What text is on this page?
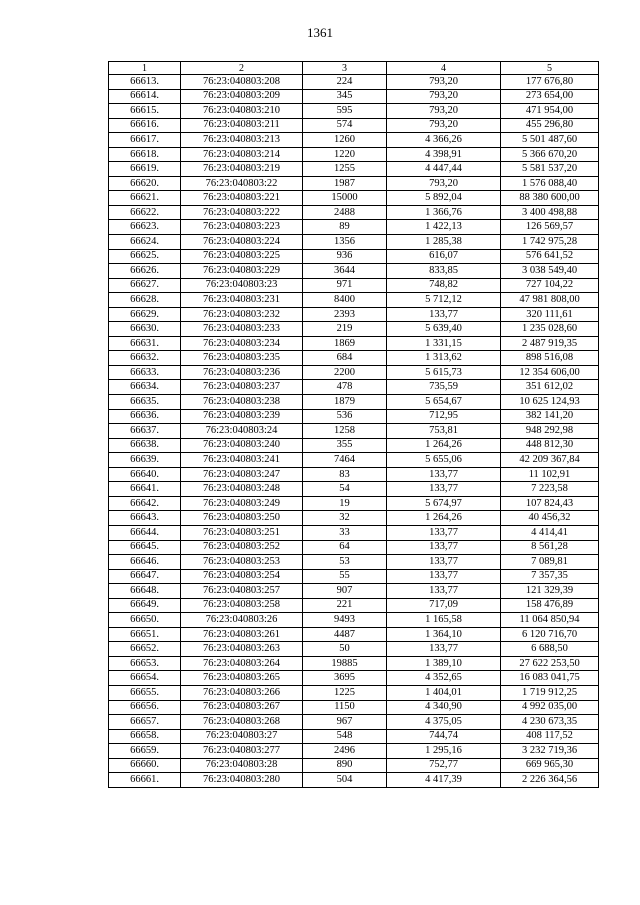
1361
1	2	3	4	5
66613.	76:23:040803:208	224	793,20	177 676,80
66614.	76:23:040803:209	345	793,20	273 654,00
66615.	76:23:040803:210	595	793,20	471 954,00
66616.	76:23:040803:211	574	793,20	455 296,80
66617.	76:23:040803:213	1260	4 366,26	5 501 487,60
66618.	76:23:040803:214	1220	4 398,91	5 366 670,20
66619.	76:23:040803:219	1255	4 447,44	5 581 537,20
66620.	76:23:040803:22	1987	793,20	1 576 088,40
66621.	76:23:040803:221	15000	5 892,04	88 380 600,00
66622.	76:23:040803:222	2488	1 366,76	3 400 498,88
66623.	76:23:040803:223	89	1 422,13	126 569,57
66624.	76:23:040803:224	1356	1 285,38	1 742 975,28
66625.	76:23:040803:225	936	616,07	576 641,52
66626.	76:23:040803:229	3644	833,85	3 038 549,40
66627.	76:23:040803:23	971	748,82	727 104,22
66628.	76:23:040803:231	8400	5 712,12	47 981 808,00
66629.	76:23:040803:232	2393	133,77	320 111,61
66630.	76:23:040803:233	219	5 639,40	1 235 028,60
66631.	76:23:040803:234	1869	1 331,15	2 487 919,35
66632.	76:23:040803:235	684	1 313,62	898 516,08
66633.	76:23:040803:236	2200	5 615,73	12 354 606,00
66634.	76:23:040803:237	478	735,59	351 612,02
66635.	76:23:040803:238	1879	5 654,67	10 625 124,93
66636.	76:23:040803:239	536	712,95	382 141,20
66637.	76:23:040803:24	1258	753,81	948 292,98
66638.	76:23:040803:240	355	1 264,26	448 812,30
66639.	76:23:040803:241	7464	5 655,06	42 209 367,84
66640.	76:23:040803:247	83	133,77	11 102,91
66641.	76:23:040803:248	54	133,77	7 223,58
66642.	76:23:040803:249	19	5 674,97	107 824,43
66643.	76:23:040803:250	32	1 264,26	40 456,32
66644.	76:23:040803:251	33	133,77	4 414,41
66645.	76:23:040803:252	64	133,77	8 561,28
66646.	76:23:040803:253	53	133,77	7 089,81
66647.	76:23:040803:254	55	133,77	7 357,35
66648.	76:23:040803:257	907	133,77	121 329,39
66649.	76:23:040803:258	221	717,09	158 476,89
66650.	76:23:040803:26	9493	1 165,58	11 064 850,94
66651.	76:23:040803:261	4487	1 364,10	6 120 716,70
66652.	76:23:040803:263	50	133,77	6 688,50
66653.	76:23:040803:264	19885	1 389,10	27 622 253,50
66654.	76:23:040803:265	3695	4 352,65	16 083 041,75
66655.	76:23:040803:266	1225	1 404,01	1 719 912,25
66656.	76:23:040803:267	1150	4 340,90	4 992 035,00
66657.	76:23:040803:268	967	4 375,05	4 230 673,35
66658.	76:23:040803:27	548	744,74	408 117,52
66659.	76:23:040803:277	2496	1 295,16	3 232 719,36
66660.	76:23:040803:28	890	752,77	669 965,30
66661.	76:23:040803:280	504	4 417,39	2 226 364,56
